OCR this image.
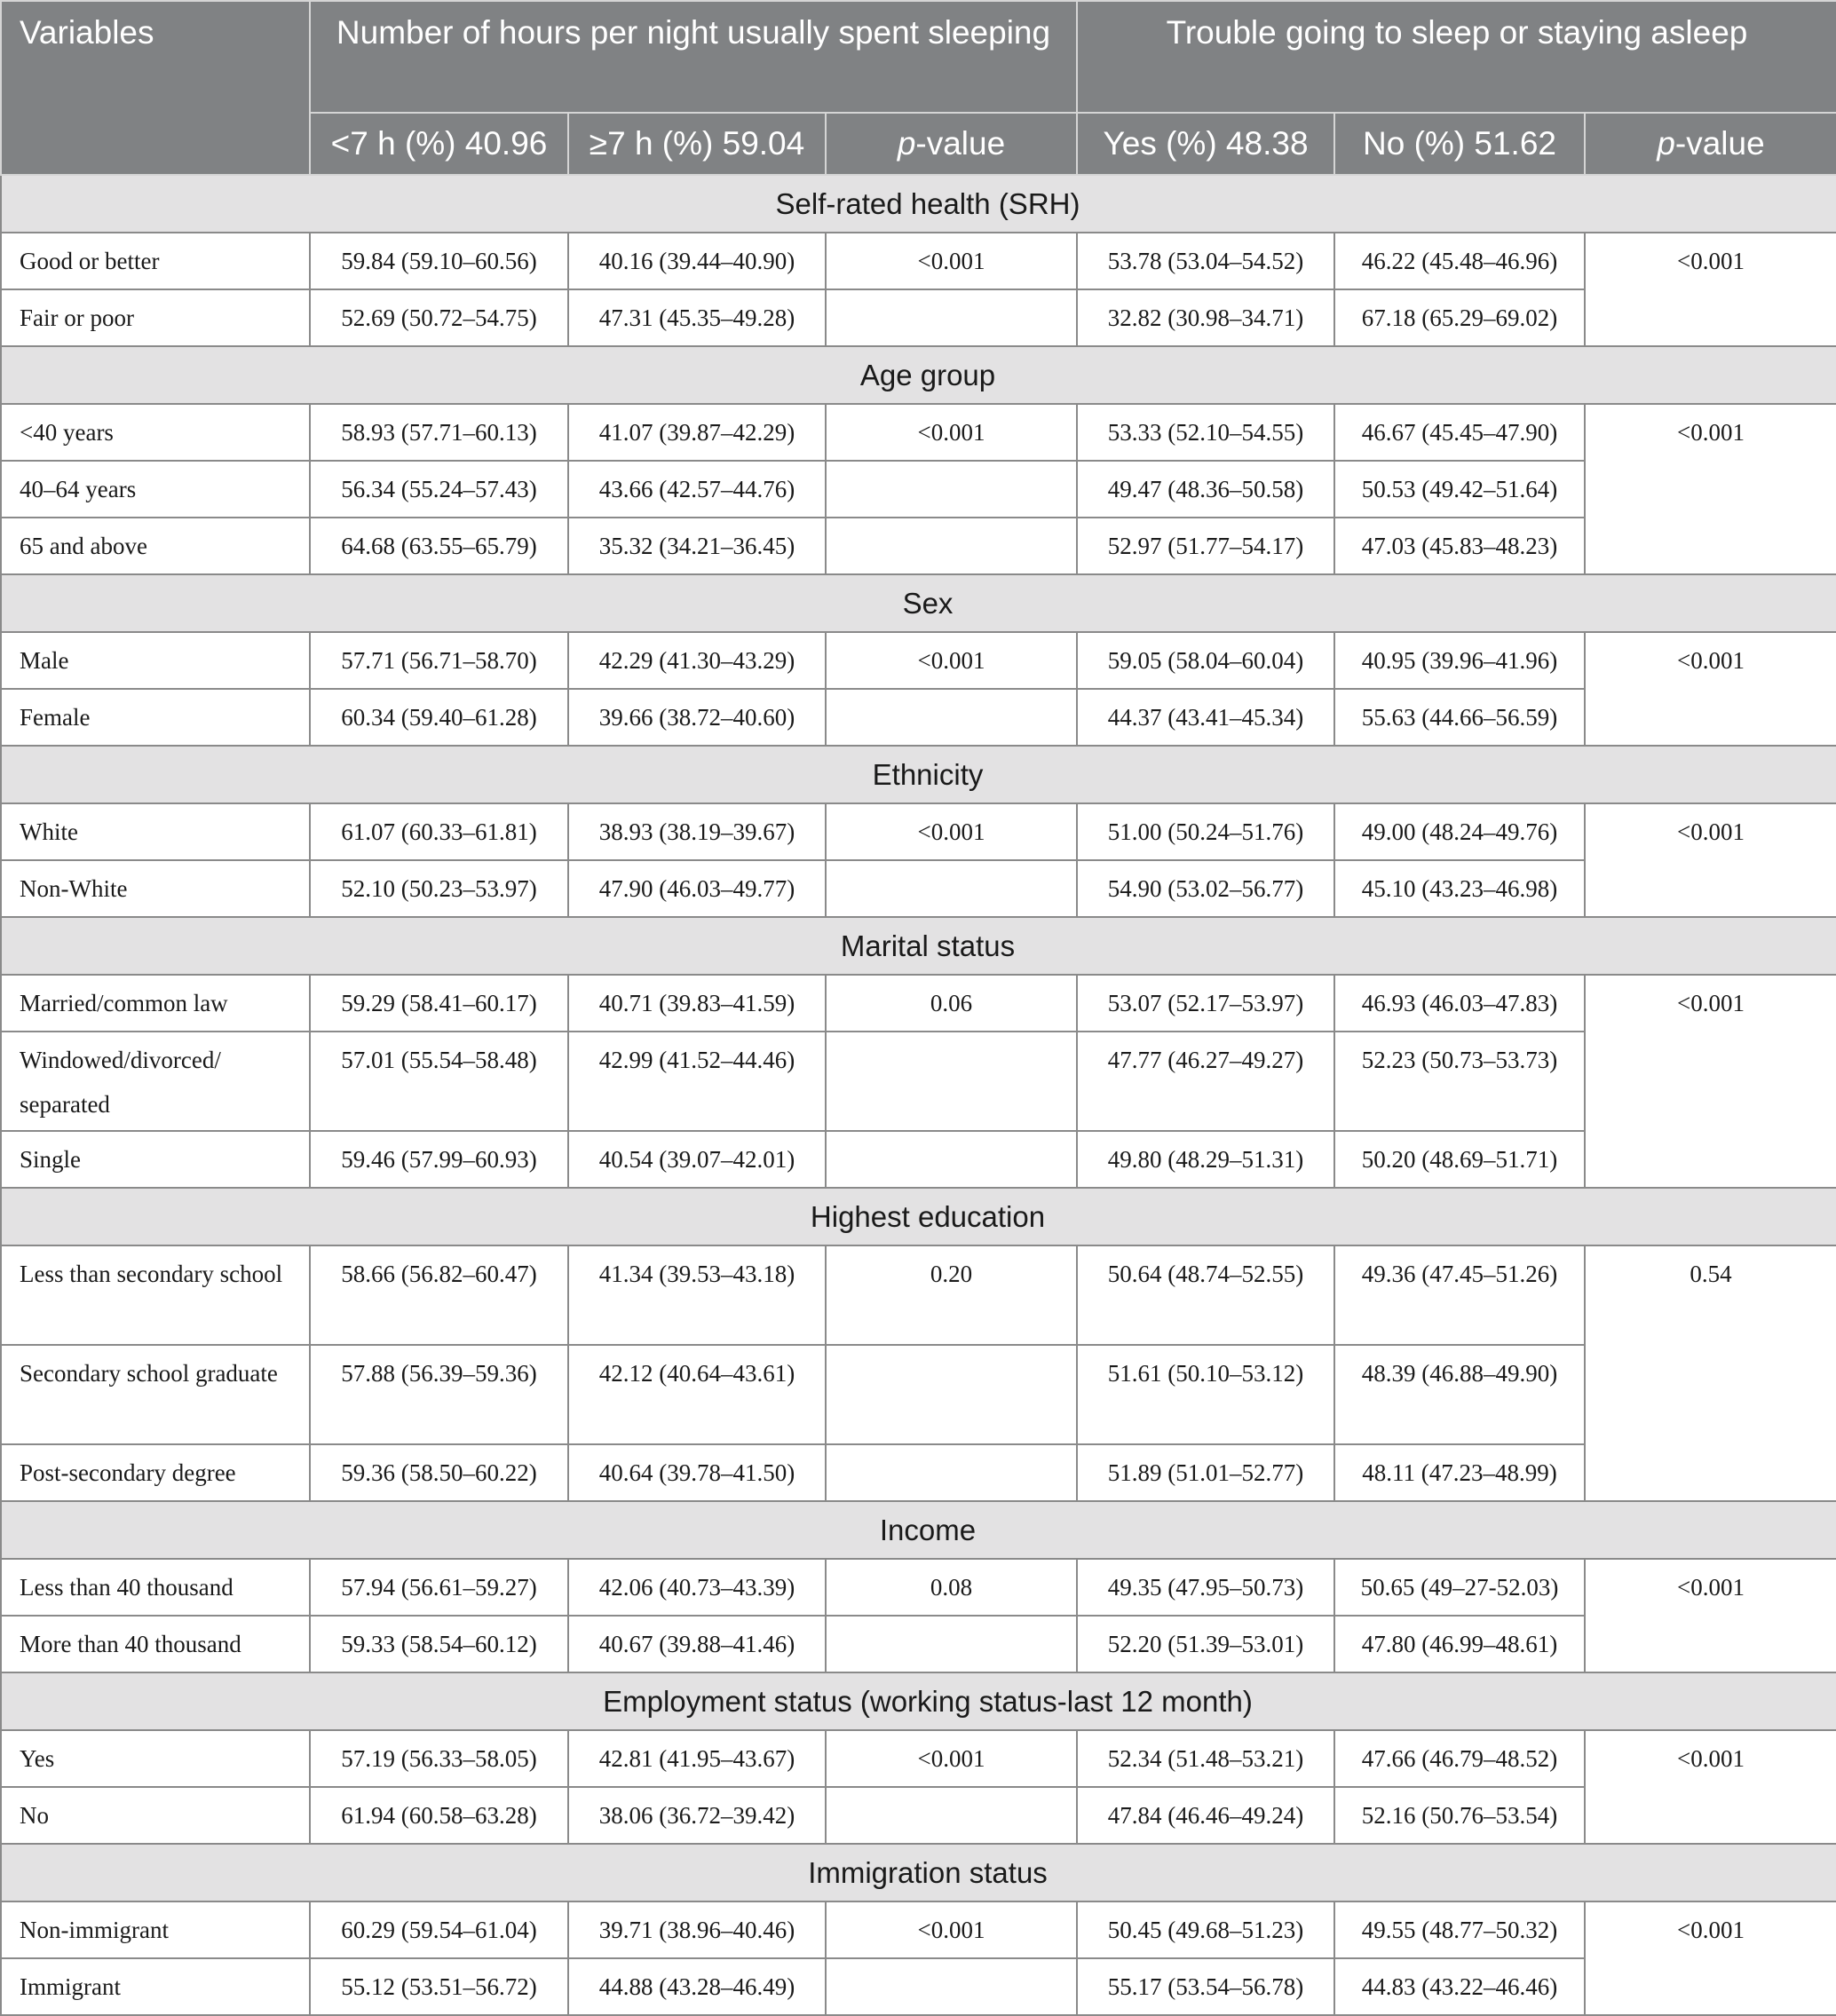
Variables	Number of hours per night usually spent sleeping			Trouble going to sleep or staying asleep		
	<7 h (%) 40.96	≥7 h (%) 59.04	p-value	Yes (%) 48.38	No (%) 51.62	p-value
Self-rated health (SRH)						
Good or better	59.84 (59.10–60.56)	40.16 (39.44–40.90)	<0.001	53.78 (53.04–54.52)	46.22 (45.48–46.96)	<0.001
Fair or poor	52.69 (50.72–54.75)	47.31 (45.35–49.28)		32.82 (30.98–34.71)	67.18 (65.29–69.02)	
Age group						
<40 years	58.93 (57.71–60.13)	41.07 (39.87–42.29)	<0.001	53.33 (52.10–54.55)	46.67 (45.45–47.90)	<0.001
40–64 years	56.34 (55.24–57.43)	43.66 (42.57–44.76)		49.47 (48.36–50.58)	50.53 (49.42–51.64)	
65 and above	64.68 (63.55–65.79)	35.32 (34.21–36.45)		52.97 (51.77–54.17)	47.03 (45.83–48.23)	
Sex						
Male	57.71 (56.71–58.70)	42.29 (41.30–43.29)	<0.001	59.05 (58.04–60.04)	40.95 (39.96–41.96)	<0.001
Female	60.34 (59.40–61.28)	39.66 (38.72–40.60)		44.37 (43.41–45.34)	55.63 (44.66–56.59)	
Ethnicity						
White	61.07 (60.33–61.81)	38.93 (38.19–39.67)	<0.001	51.00 (50.24–51.76)	49.00 (48.24–49.76)	<0.001
Non-White	52.10 (50.23–53.97)	47.90 (46.03–49.77)		54.90 (53.02–56.77)	45.10 (43.23–46.98)	
Marital status						
Married/common law	59.29 (58.41–60.17)	40.71 (39.83–41.59)	0.06	53.07 (52.17–53.97)	46.93 (46.03–47.83)	<0.001
Windowed/divorced/ separated	57.01 (55.54–58.48)	42.99 (41.52–44.46)		47.77 (46.27–49.27)	52.23 (50.73–53.73)	
Single	59.46 (57.99–60.93)	40.54 (39.07–42.01)		49.80 (48.29–51.31)	50.20 (48.69–51.71)	
Highest education						
Less than secondary school	58.66 (56.82–60.47)	41.34 (39.53–43.18)	0.20	50.64 (48.74–52.55)	49.36 (47.45–51.26)	0.54
Secondary school graduate	57.88 (56.39–59.36)	42.12 (40.64–43.61)		51.61 (50.10–53.12)	48.39 (46.88–49.90)	
Post-secondary degree	59.36 (58.50–60.22)	40.64 (39.78–41.50)		51.89 (51.01–52.77)	48.11 (47.23–48.99)	
Income						
Less than 40 thousand	57.94 (56.61–59.27)	42.06 (40.73–43.39)	0.08	49.35 (47.95–50.73)	50.65 (49–27-52.03)	<0.001
More than 40 thousand	59.33 (58.54–60.12)	40.67 (39.88–41.46)		52.20 (51.39–53.01)	47.80 (46.99–48.61)	
Employment status (working status-last 12 month)						
Yes	57.19 (56.33–58.05)	42.81 (41.95–43.67)	<0.001	52.34 (51.48–53.21)	47.66 (46.79–48.52)	<0.001
No	61.94 (60.58–63.28)	38.06 (36.72–39.42)		47.84 (46.46–49.24)	52.16 (50.76–53.54)	
Immigration status						
Non-immigrant	60.29 (59.54–61.04)	39.71 (38.96–40.46)	<0.001	50.45 (49.68–51.23)	49.55 (48.77–50.32)	<0.001
Immigrant	55.12 (53.51–56.72)	44.88 (43.28–46.49)		55.17 (53.54–56.78)	44.83 (43.22–46.46)	
